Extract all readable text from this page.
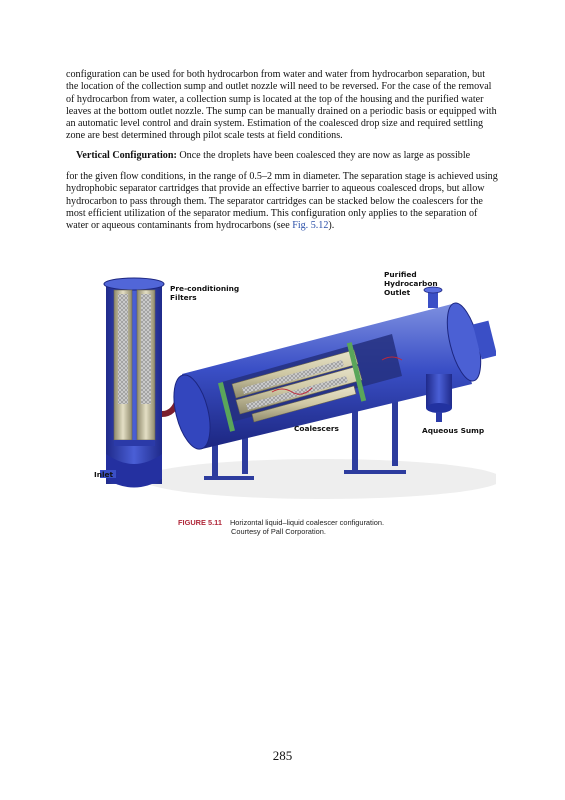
configuration can be used for both hydrocarbon from water and water from hydrocarbon separation, but the location of the collection sump and outlet nozzle will need to be reversed. For the case of the removal of hydrocarbon from water, a collection sump is located at the top of the housing and the purified water leaves at the bottom outlet nozzle. The sump can be manually drained on a periodic basis or equipped with an automatic level control and drain system. Estimation of the coalesced drop size and required settling zone are best determined through pilot scale tests at field conditions.

Vertical Configuration: Once the droplets have been coalesced they are now as large as possible

for the given flow conditions, in the range of 0.5–2 mm in diameter. The separation stage is achieved using hydrophobic separator cartridges that provide an effective barrier to aqueous coalesced drops, but allow hydrocarbon to pass through them. The separator cartridges can be stacked below the coalescers for the most efficient utilization of the separator medium. This configuration only applies to the separation of water or aqueous contaminants from hydrocarbons (see Fig. 5.12).

Pre-conditioning
Filters
Purified
Hydrocarbon
Outlet
Coalescers	Aqueous Sump
Inlet
FIGURE 5.11 Horizontal liquid–liquid coalescer configuration.
Courtesy of Pall Corporation.
285
